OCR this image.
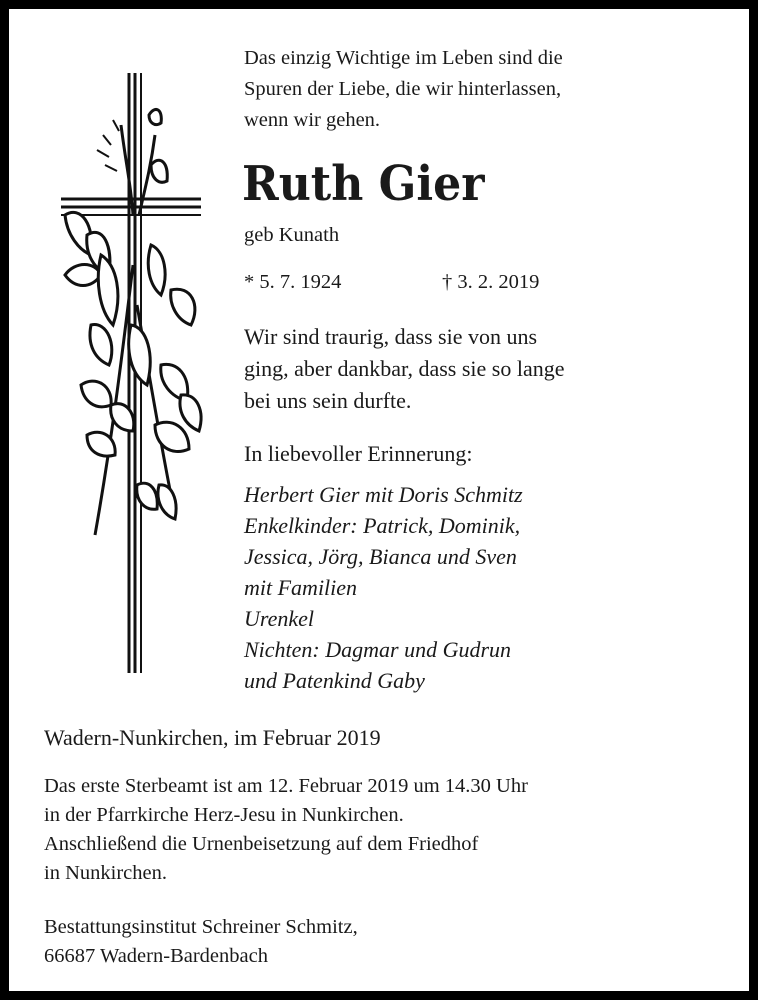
Das einzig Wichtige im Leben sind die
Spuren der Liebe, die wir hinterlassen,
wenn wir gehen.
Ruth Gier
geb Kunath
* 5. 7. 1924	† 3. 2. 2019
Wir sind traurig, dass sie von uns
ging, aber dankbar, dass sie so lange
bei uns sein durfte.
In liebevoller Erinnerung:
Herbert Gier mit Doris Schmitz
Enkelkinder: Patrick, Dominik,
Jessica, Jörg, Bianca und Sven
mit Familien
Urenkel
Nichten: Dagmar und Gudrun
und Patenkind Gaby
Wadern-Nunkirchen, im Februar 2019
Das erste Sterbeamt ist am 12. Februar 2019 um 14.30 Uhr
in der Pfarrkirche Herz-Jesu in Nunkirchen.
Anschließend die Urnenbeisetzung auf dem Friedhof
in Nunkirchen.
Bestattungsinstitut Schreiner Schmitz,
66687 Wadern-Bardenbach
